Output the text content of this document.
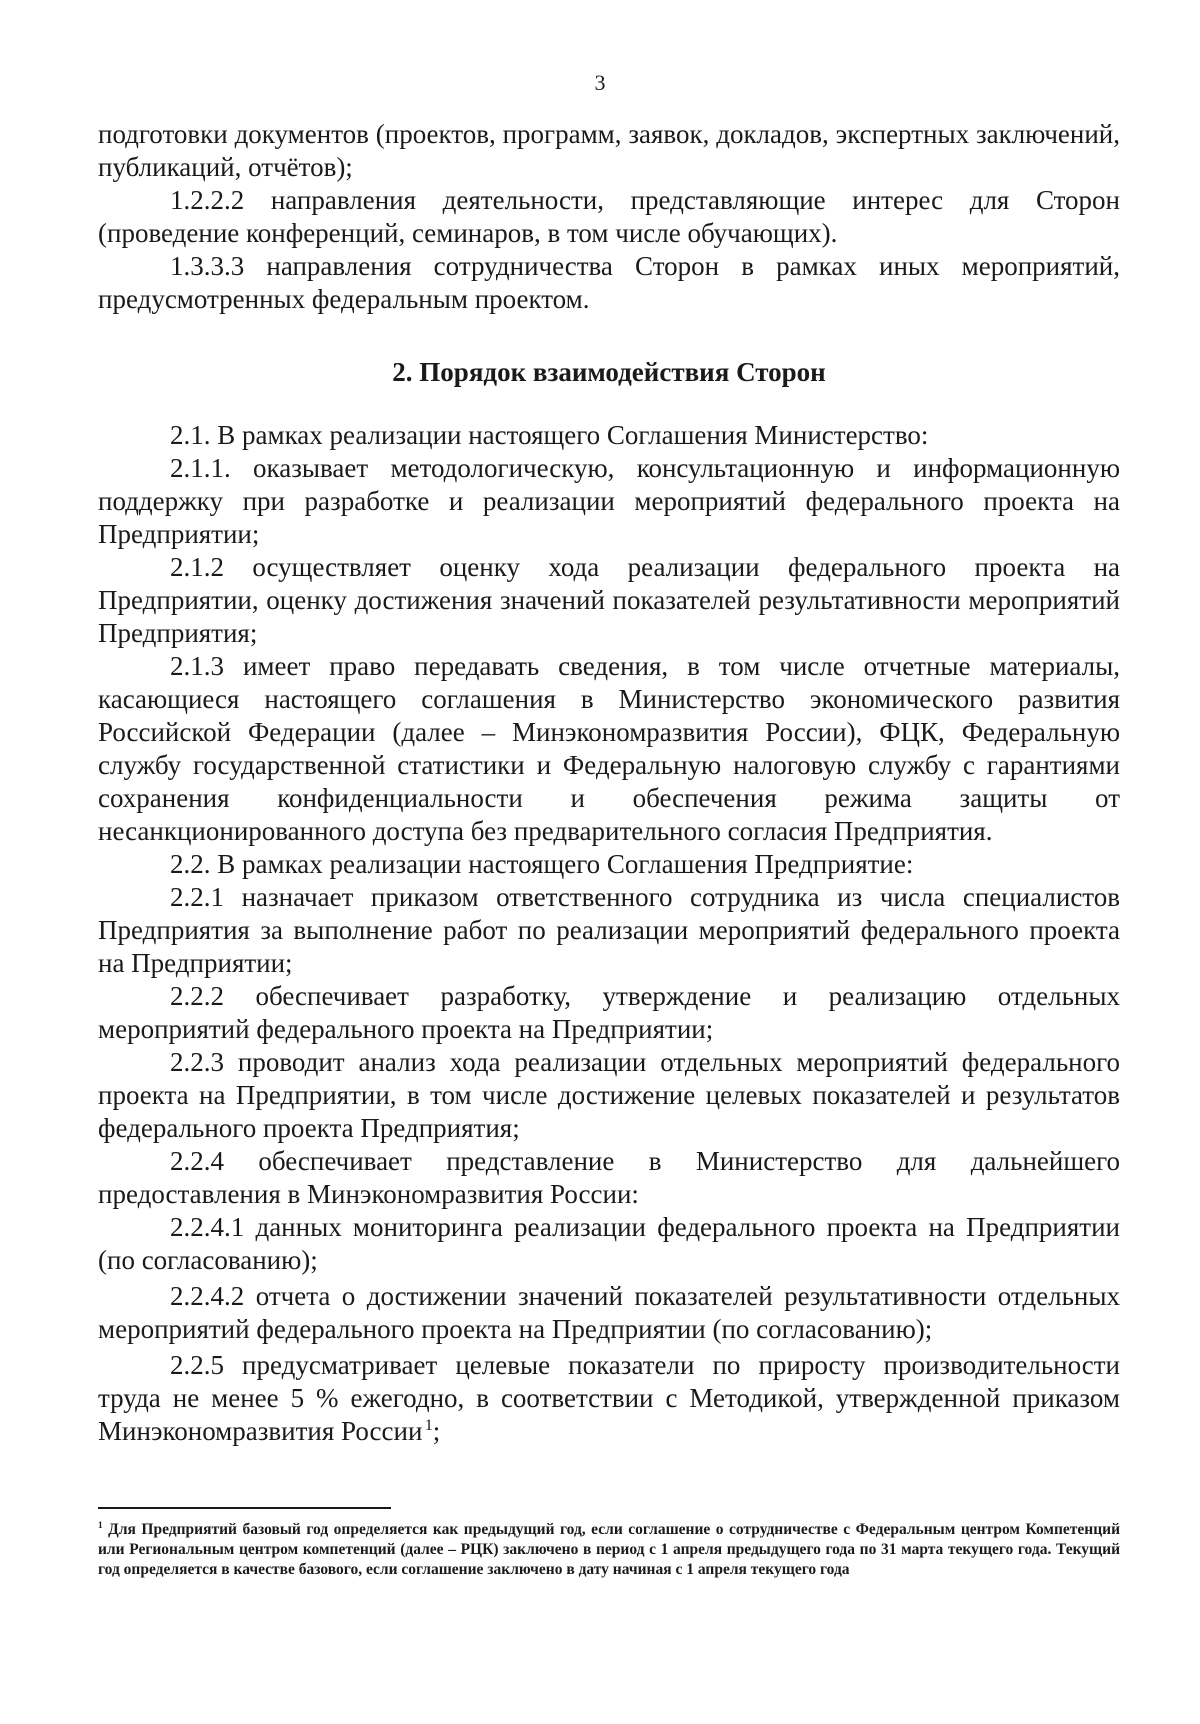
3

подготовки документов (проектов, программ, заявок, докладов, экспертных заключений, публикаций, отчётов);

1.2.2.2 направления деятельности, представляющие интерес для Сторон (проведение конференций, семинаров, в том числе обучающих).

1.3.3.3 направления сотрудничества Сторон в рамках иных мероприятий, предусмотренных федеральным проектом.

2. Порядок взаимодействия Сторон

2.1. В рамках реализации настоящего Соглашения Министерство:

2.1.1. оказывает методологическую, консультационную и информационную поддержку при разработке и реализации мероприятий федерального проекта на Предприятии;

2.1.2 осуществляет оценку хода реализации федерального проекта на Предприятии, оценку достижения значений показателей результативности мероприятий Предприятия;

2.1.3 имеет право передавать сведения, в том числе отчетные материалы, касающиеся настоящего соглашения в Министерство экономического развития Российской Федерации (далее – Минэкономразвития России), ФЦК, Федеральную службу государственной статистики и Федеральную налоговую службу с гарантиями сохранения конфиденциальности и обеспечения режима защиты от несанкционированного доступа без предварительного согласия Предприятия.

2.2. В рамках реализации настоящего Соглашения Предприятие:

2.2.1 назначает приказом ответственного сотрудника из числа специалистов Предприятия за выполнение работ по реализации мероприятий федерального проекта на Предприятии;

2.2.2 обеспечивает разработку, утверждение и реализацию отдельных мероприятий федерального проекта на Предприятии;

2.2.3 проводит анализ хода реализации отдельных мероприятий федерального проекта на Предприятии, в том числе достижение целевых показателей и результатов федерального проекта Предприятия;

2.2.4 обеспечивает представление в Министерство для дальнейшего предоставления в Минэкономразвития России:

2.2.4.1 данных мониторинга реализации федерального проекта на Предприятии (по согласованию);

2.2.4.2 отчета о достижении значений показателей результативности отдельных мероприятий федерального проекта на Предприятии (по согласованию);

2.2.5 предусматривает целевые показатели по приросту производительности труда не менее 5 % ежегодно, в соответствии с Методикой, утвержденной приказом Минэкономразвития России  $^1$;

$^1$ Для Предприятий базовый год определяется как предыдущий год, если соглашение о сотрудничестве с Федеральным центром Компетенций или Региональным центром компетенций (далее – РЦК) заключено в период с 1 апреля предыдущего года по 31 марта текущего года. Текущий год определяется в качестве базового, если соглашение заключено в дату начиная с 1 апреля текущего года
